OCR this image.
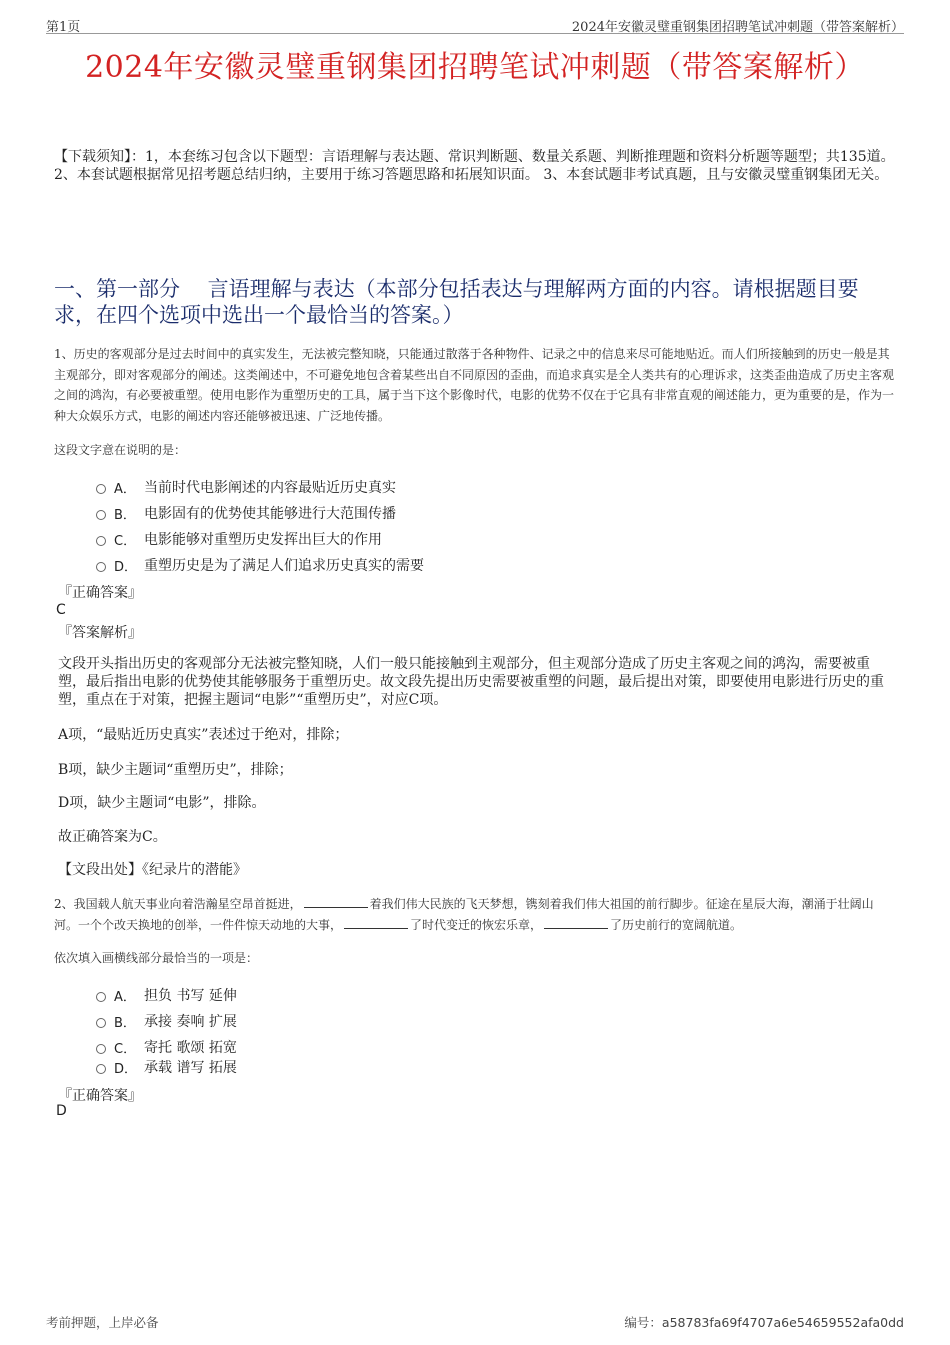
第1页	2024年安徽灵璧重钢集团招聘笔试冲刺题（带答案解析）
2024年安徽灵璧重钢集团招聘笔试冲刺题（带答案解析）
【下载须知】：1，本套练习包含以下题型：言语理解与表达题、常识判断题、数量关系题、判断推理题和资料分析题等题型；共135道。 2、本套试题根据常见招考题总结归纳，主要用于练习答题思路和拓展知识面。 3、本套试题非考试真题，且与安徽灵璧重钢集团无关。
一、第一部分　 言语理解与表达（本部分包括表达与理解两方面的内容。请根据题目要求，在四个选项中选出一个最恰当的答案。）
1、历史的客观部分是过去时间中的真实发生，无法被完整知晓，只能通过散落于各种物件、记录之中的信息来尽可能地贴近。而人们所接触到的历史一般是其主观部分，即对客观部分的阐述。这类阐述中，不可避免地包含着某些出自不同原因的歪曲，而追求真实是全人类共有的心理诉求，这类歪曲造成了历史主客观之间的鸿沟，有必要被重塑。使用电影作为重塑历史的工具，属于当下这个影像时代，电影的优势不仅在于它具有非常直观的阐述能力，更为重要的是，作为一种大众娱乐方式，电影的阐述内容还能够被迅速、广泛地传播。
这段文字意在说明的是：
A． 当前时代电影阐述的内容最贴近历史真实
B． 电影固有的优势使其能够进行大范围传播
C． 电影能够对重塑历史发挥出巨大的作用
D． 重塑历史是为了满足人们追求历史真实的需要
『正确答案』
C
『答案解析』
文段开头指出历史的客观部分无法被完整知晓，人们一般只能接触到主观部分，但主观部分造成了历史主客观之间的鸿沟，需要被重塑，最后指出电影的优势使其能够服务于重塑历史。故文段先提出历史需要被重塑的问题，最后提出对策，即要使用电影进行历史的重塑，重点在于对策，把握主题词“电影”“重塑历史”，对应C项。
A项，“最贴近历史真实”表述过于绝对，排除；
B项，缺少主题词“重塑历史”，排除；
D项，缺少主题词“电影”，排除。
故正确答案为C。
【文段出处】《纪录片的潜能》
2、我国载人航天事业向着浩瀚星空昂首挺进，	着我们伟大民族的飞天梦想，镌刻着我们伟大祖国的前行脚步。征途在星辰大海，潮涌于壮阔山河。一个个改天换地的创举，一件件惊天动地的大事，	了时代变迁的恢宏乐章，	了历史前行的宽阔航道。
依次填入画横线部分最恰当的一项是：
A． 担负 书写 延伸
B． 承接 奏响 扩展
C． 寄托 歌颂 拓宽
D． 承载 谱写 拓展
『正确答案』
D
考前押题，上岸必备	编号：a58783fa69f4707a6e54659552afa0dd
